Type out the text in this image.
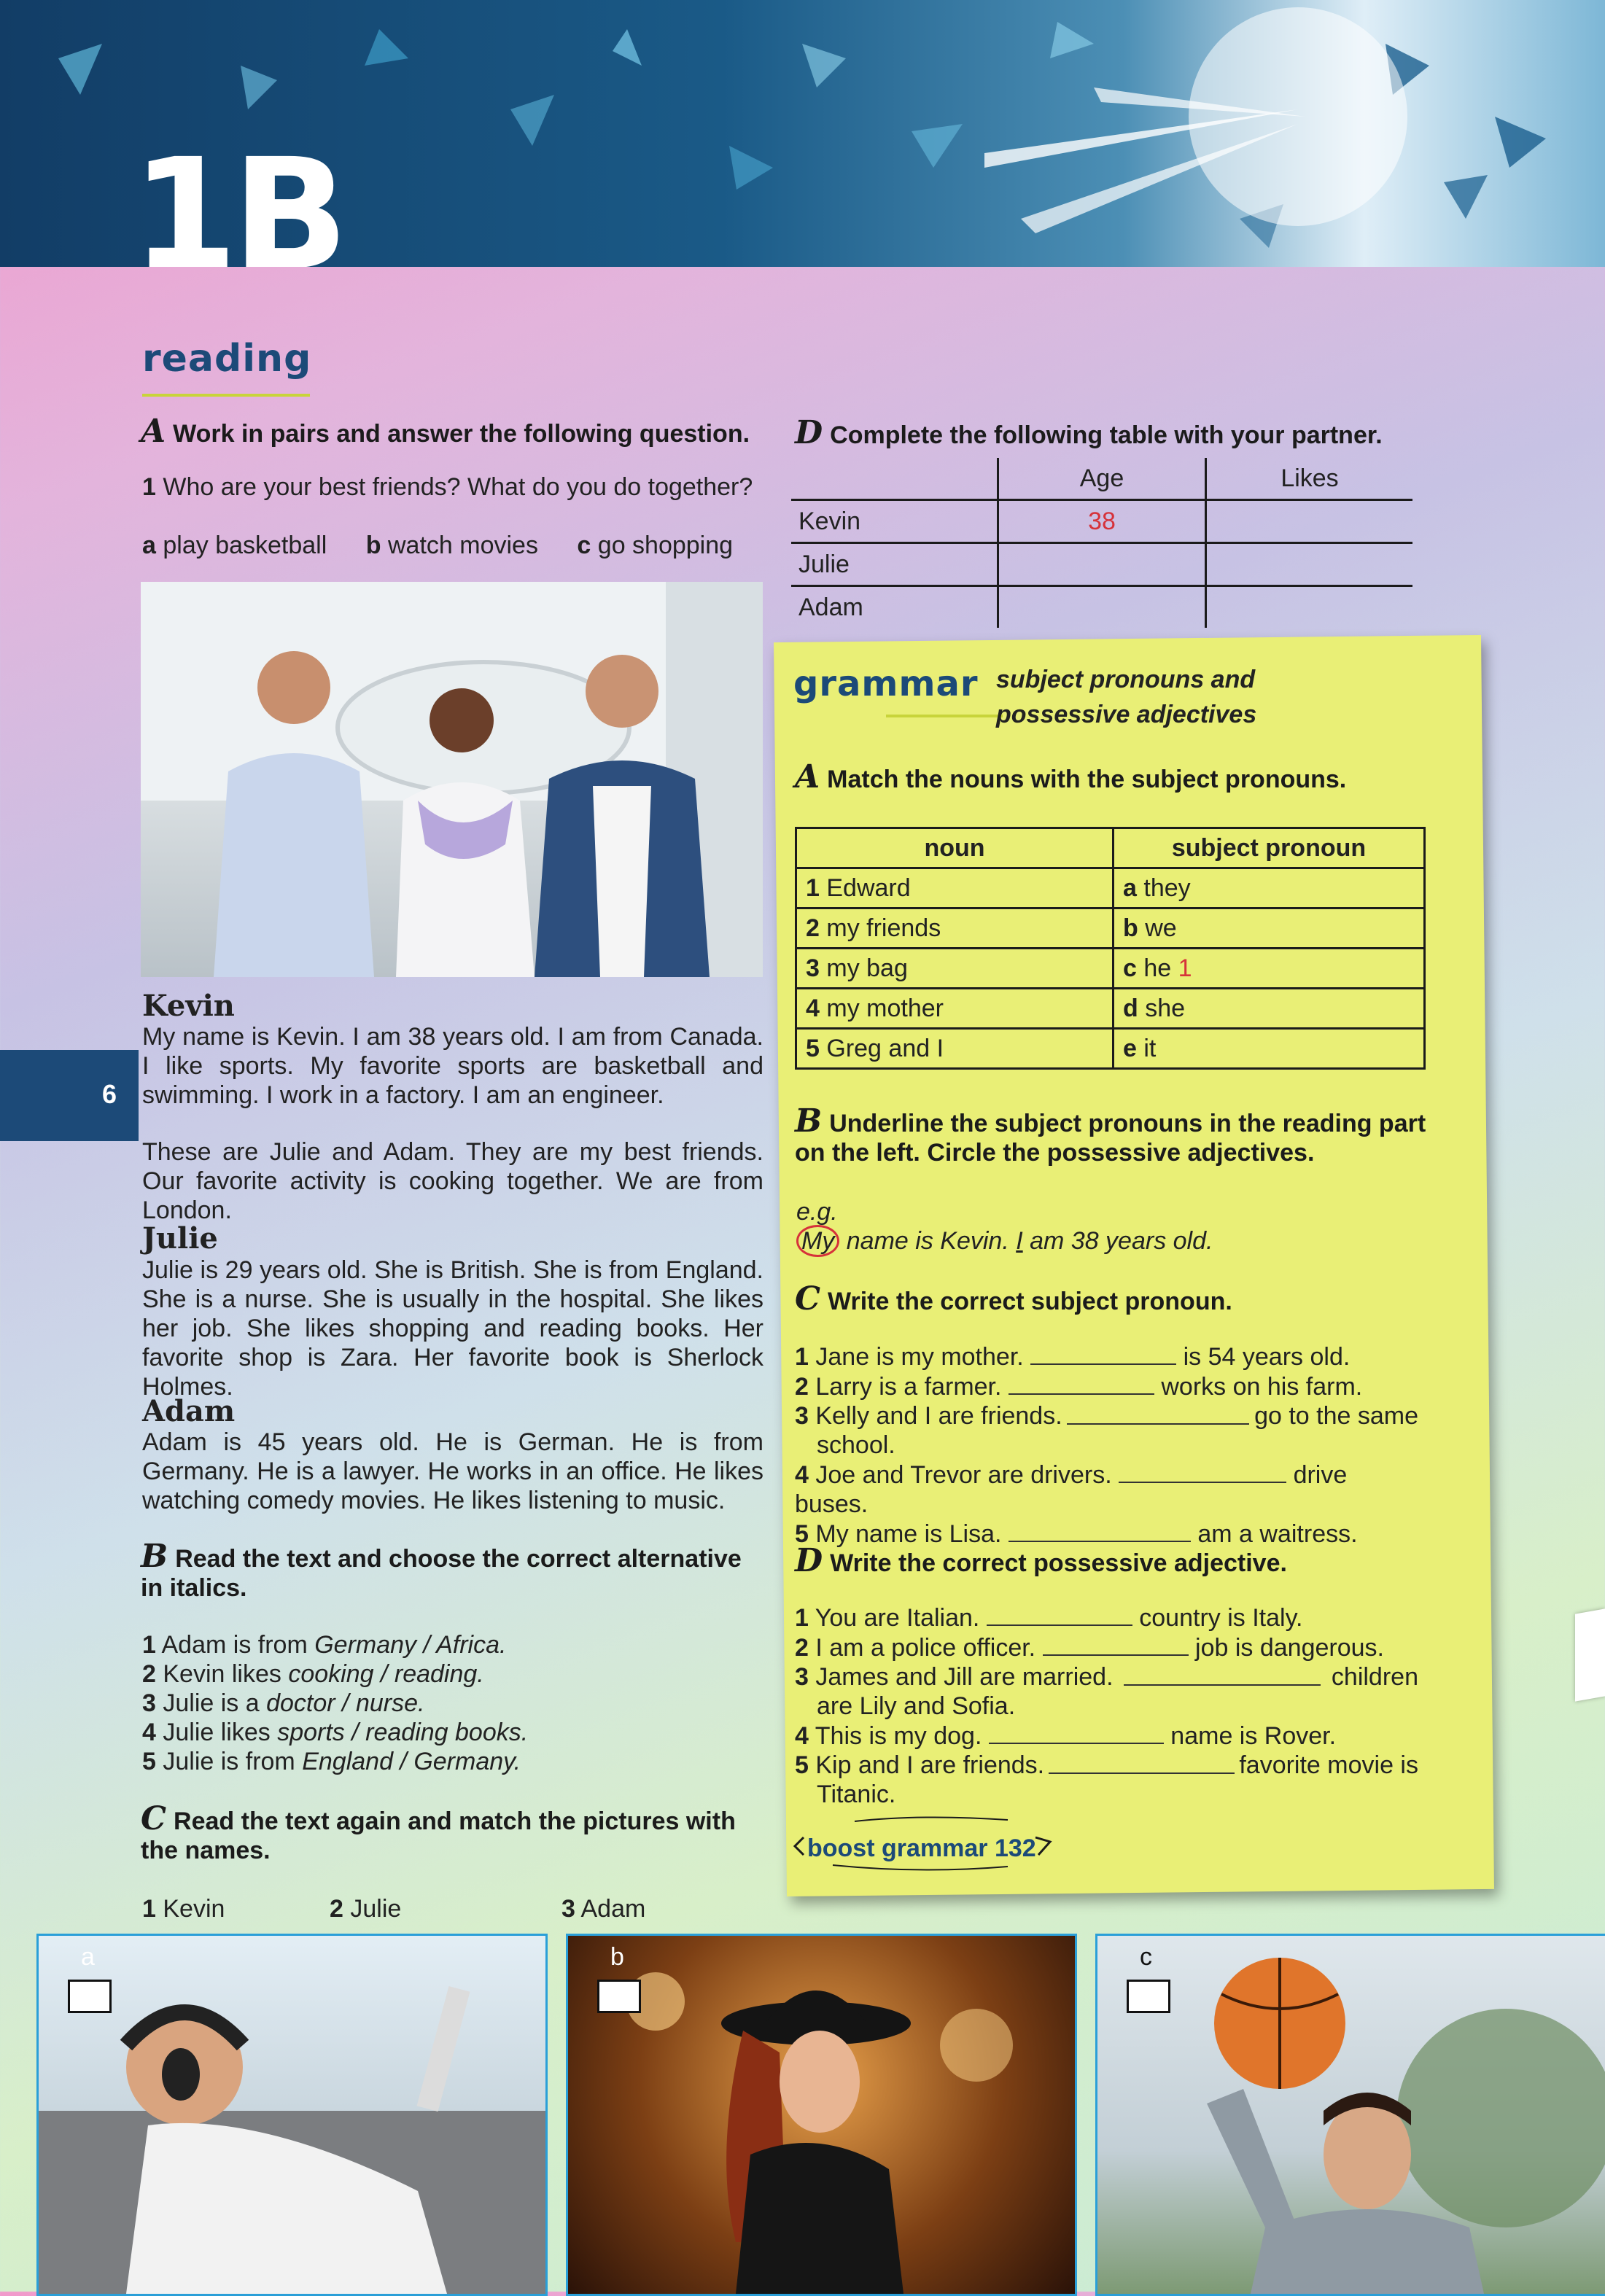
1B
6
reading
A Work in pairs and answer the following question.
1 Who are your best friends? What do you do together?
a play basketball b watch movies c go shopping
Kevin
My name is Kevin. I am 38 years old. I am from Canada. I like sports. My favorite sports are basketball and swimming. I work in a factory. I am an engineer.
These are Julie and Adam. They are my best friends. Our favorite activity is cooking together. We are from London.
Julie
Julie is 29 years old. She is British. She is from England. She is a nurse. She is usually in the hospital. She likes her job. She likes shopping and reading books. Her favorite shop is Zara. Her favorite book is Sherlock Holmes.
Adam
Adam is 45 years old. He is German. He is from Germany. He is a lawyer. He works in an office. He likes watching comedy movies. He likes listening to music.
B Read the text and choose the correct alternative in italics.
1 Adam is from Germany / Africa.
2 Kevin likes cooking / reading.
3 Julie is a doctor / nurse.
4 Julie likes sports / reading books.
5 Julie is from England / Germany.
C Read the text again and match the pictures with the names.
1 Kevin	2 Julie	3 Adam
a	b	c
D Complete the following table with your partner.
	Age	Likes
Kevin	38	
Julie		
Adam		
grammar subject pronouns and
possessive adjectives
A Match the nouns with the subject pronouns.
noun	subject pronoun
1 Edward	a they
2 my friends	b we
3 my bag	c he 1
4 my mother	d she
5 Greg and I	e it
B Underline the subject pronouns in the reading part on the left. Circle the possessive adjectives.
e.g.
My name is Kevin. I am 38 years old.
C Write the correct subject pronoun.
1 Jane is my mother.	is 54 years old.
2 Larry is a farmer.	works on his farm.
3 Kelly and I are friends.	go to the same
school.
4 Joe and Trevor are drivers.	drive buses.
5 My name is Lisa.	am a waitress.
D Write the correct possessive adjective.
1 You are Italian.	country is Italy.
2 I am a police officer.	job is dangerous.
3 James and Jill are married.	children
are Lily and Sofia.
4 This is my dog.	name is Rover.
5 Kip and I are friends.	favorite movie is
Titanic.
boost grammar 132
